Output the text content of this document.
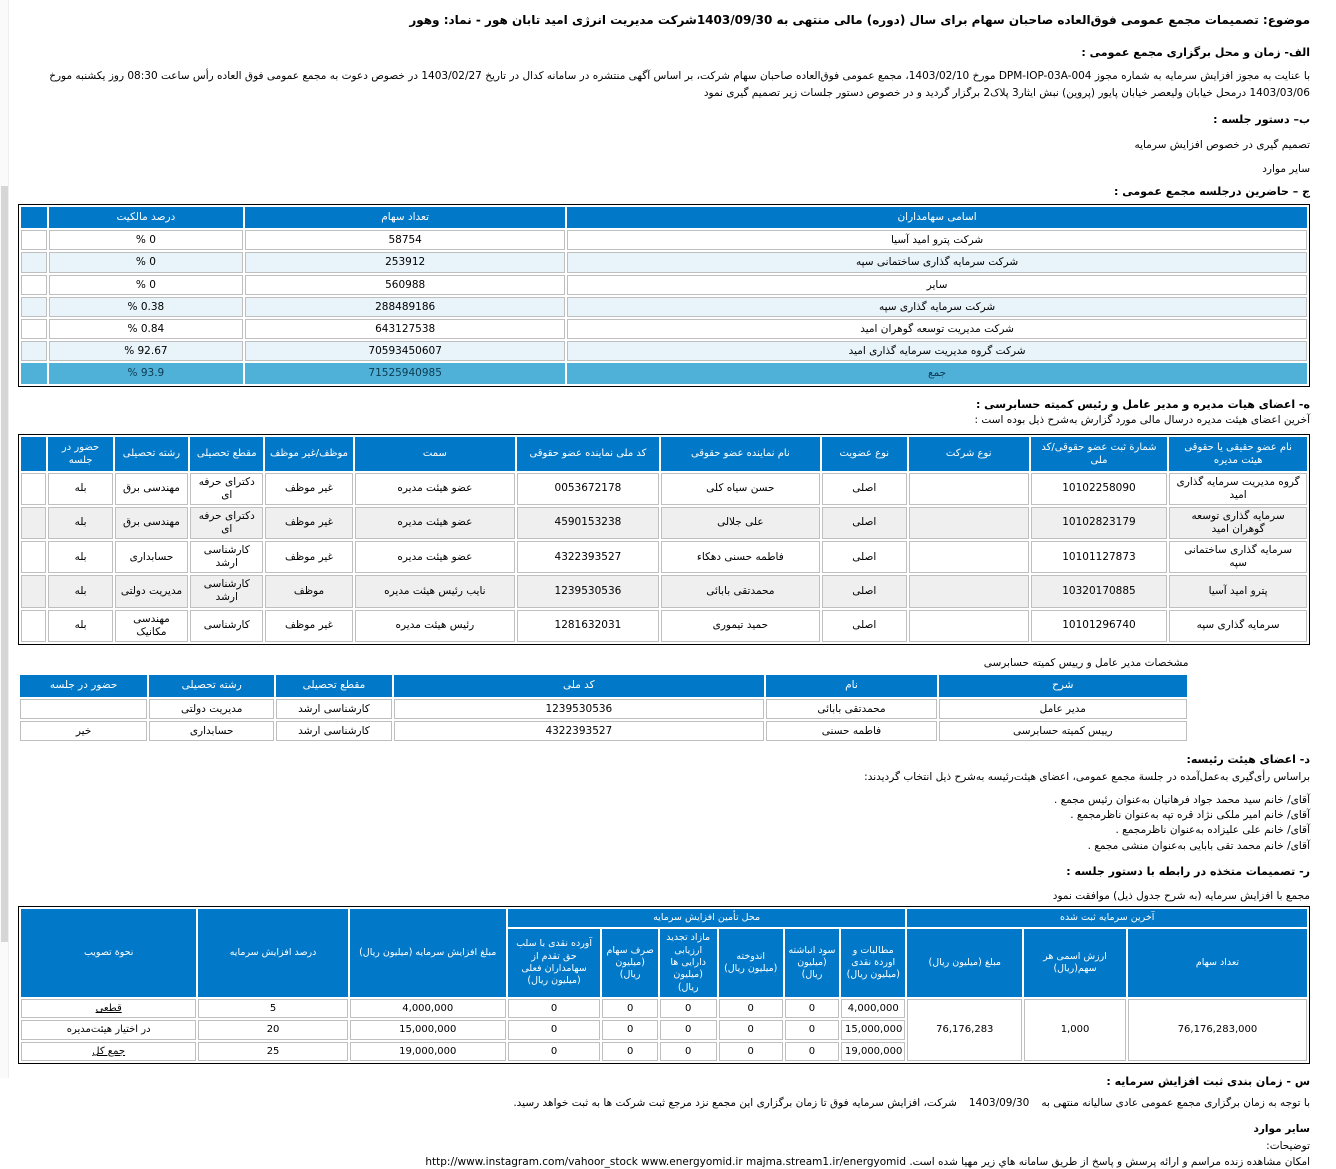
موضوع: تصمیمات مجمع عمومی فوق‌العاده صاحبان سهام برای سال (دوره) مالی منتهی به 1403/09/30شرکت مدیریت انرژی امید تابان هور - نماد: وهور

الف- زمان و محل برگزاری مجمع عمومی :

با عنایت به مجوز افزایش سرمایه به شماره مجوز DPM-IOP-03A-004 مورخ 1403/02/10، مجمع عمومی فوق‌العاده صاحبان سهام شرکت، بر اساس آگهی منتشره در سامانه کدال در تاریخ 1403/02/27 در خصوص دعوت به مجمع عمومی فوق العاده رأس ساعت 08:30 روز یکشنبه مورخ 1403/03/06 درمحل خیابان ولیعصر خیابان پایور (پروین) نبش ایثار3 پلاک2 برگزار گردید و در خصوص دستور جلسات زیر تصمیم گیری نمود

ب– دستور جلسه :

تصمیم گیری در خصوص افزایش سرمایه

سایر موارد

ج – حاضرین درجلسه مجمع عمومی :

اسامی سهامداران	تعداد سهام	درصد مالکیت	
شرکت پترو امید آسیا	58754	% 0	
شرکت سرمایه گذاری ساختمانی سپه	253912	% 0	
سایر	560988	% 0	
شرکت سرمایه گذاری سپه	288489186	% 0.38	
شرکت مدیریت توسعه گوهران امید	643127538	% 0.84	
شرکت گروه مدیریت سرمایه گذاری امید	70593450607	% 92.67	
جمع	71525940985	% 93.9	

ه- اعضای هیات مدیره و مدیر عامل و رئیس کمیته حسابرسی :

آخرین اعضای هیئت مدیره درسال مالی مورد گزارش به‌شرح ذیل بوده است :

نام عضو حقیقی یا حقوقی هیئت مدیره	شمارة ثبت عضو حقوقی/کد ملی	نوع شرکت	نوع عضویت	نام نماینده عضو حقوقی	کد ملی نماینده عضو حقوقی	سمت	موظف/غیر موظف	مقطع تحصیلی	رشته تحصیلی	حضور در جلسه	
گروه مدیریت سرمایه گذاری امید	10102258090		اصلی	حسن سیاه کلی	0053672178	عضو هیئت مدیره	غیر موظف	دکترای حرفه ای	مهندسی برق	بله	
سرمایه گذاری توسعه گوهران امید	10102823179		اصلی	علی جلالی	4590153238	عضو هیئت مدیره	غیر موظف	دکترای حرفه ای	مهندسی برق	بله	
سرمایه گذاری ساختمانی سپه	10101127873		اصلی	فاطمه حسنی دهکاء	4322393527	عضو هیئت مدیره	غیر موظف	کارشناسی ارشد	حسابداری	بله	
پترو امید آسیا	10320170885		اصلی	محمدتقی بابائی	1239530536	نایب رئیس هیئت مدیره	موظف	کارشناسی ارشد	مدیریت دولتی	بله	
سرمایه گذاری سپه	10101296740		اصلی	حمید تیموری	1281632031	رئیس هیئت مدیره	غیر موظف	کارشناسی	مهندسی مکانیک	بله	

مشخصات مدیر عامل و رییس کمیته حسابرسی

شرح	نام	کد ملی	مقطع تحصیلی	رشته تحصیلی	حضور در جلسه
مدیر عامل	محمدتقی بابائی	1239530536	کارشناسی ارشد	مدیریت دولتی	
رییس کمیته حسابرسی	فاطمه حسنی	4322393527	کارشناسی ارشد	حسابداری	خیر

د- اعضای هیئت رئیسه:

براساس رأی‌گیری به‌عمل‌آمده در جلسة مجمع عمومی، اعضای هیئت‌رئیسه به‌شرح ذیل انتخاب گردیدند:

آقای/ خانم سید محمد جواد فرهانیان به‌عنوان رئیس مجمع .

آقای/ خانم امیر ملکی نژاد قره تپه به‌عنوان ناظرمجمع .

آقای/ خانم علی علیزاده به‌عنوان ناظرمجمع .

آقای/ خانم محمد تقی بابایی به‌عنوان منشی مجمع .

ر- تصمیمات متخذه در رابطه با دستور جلسه :

مجمع با افزایش سرمایه (به شرح جدول ذیل) موافقت نمود

آخرین سرمایه ثبت شده			محل تأمین افزایش سرمایه						مبلغ افزایش سرمایه (میلیون ریال)	درصد افزایش سرمایه	نحوة تصویب
تعداد سهام	ارزش اسمی هر سهم(ریال)	مبلغ (میلیون ریال)	مطالبات و اوردة نقدی (میلیون ریال)	سود انباشته (میلیون ریال)	اندوخته (میلیون ریال)	مازاد تجدید ارزیابی دارایی ها (میلیون ریال)	صرف سهام (میلیون ریال)	آورده نقدی با سلب حق تقدم از سهامداران فعلی (میلیون ریال)			
76,176,283,000	1,000	76,176,283	4,000,000	0	0	0	0	0	4,000,000	5	قطعی
			15,000,000	0	0	0	0	0	15,000,000	20	در اختیار هیئت‌مدیره
			19,000,000	0	0	0	0	0	19,000,000	25	جمع کل

س - زمان بندی ثبت افزایش سرمایه :

با توجه به زمان برگزاری مجمع عمومی عادی سالیانه منتهی به
1403/09/30
شرکت، افزایش سرمایه فوق تا زمان برگزاری این مجمع نزد مرجع ثبت شرکت ها به ثبت خواهد رسید.

سایر موارد

توضیحات:

امکان مشاهده زنده مراسم و ارائه پرسش و پاسخ از طریق سامانه هاي زیر مهیا شده است. http://www.instagram.com/vahoor_stock www.energyomid.ir majma.stream1.ir/energyomid
